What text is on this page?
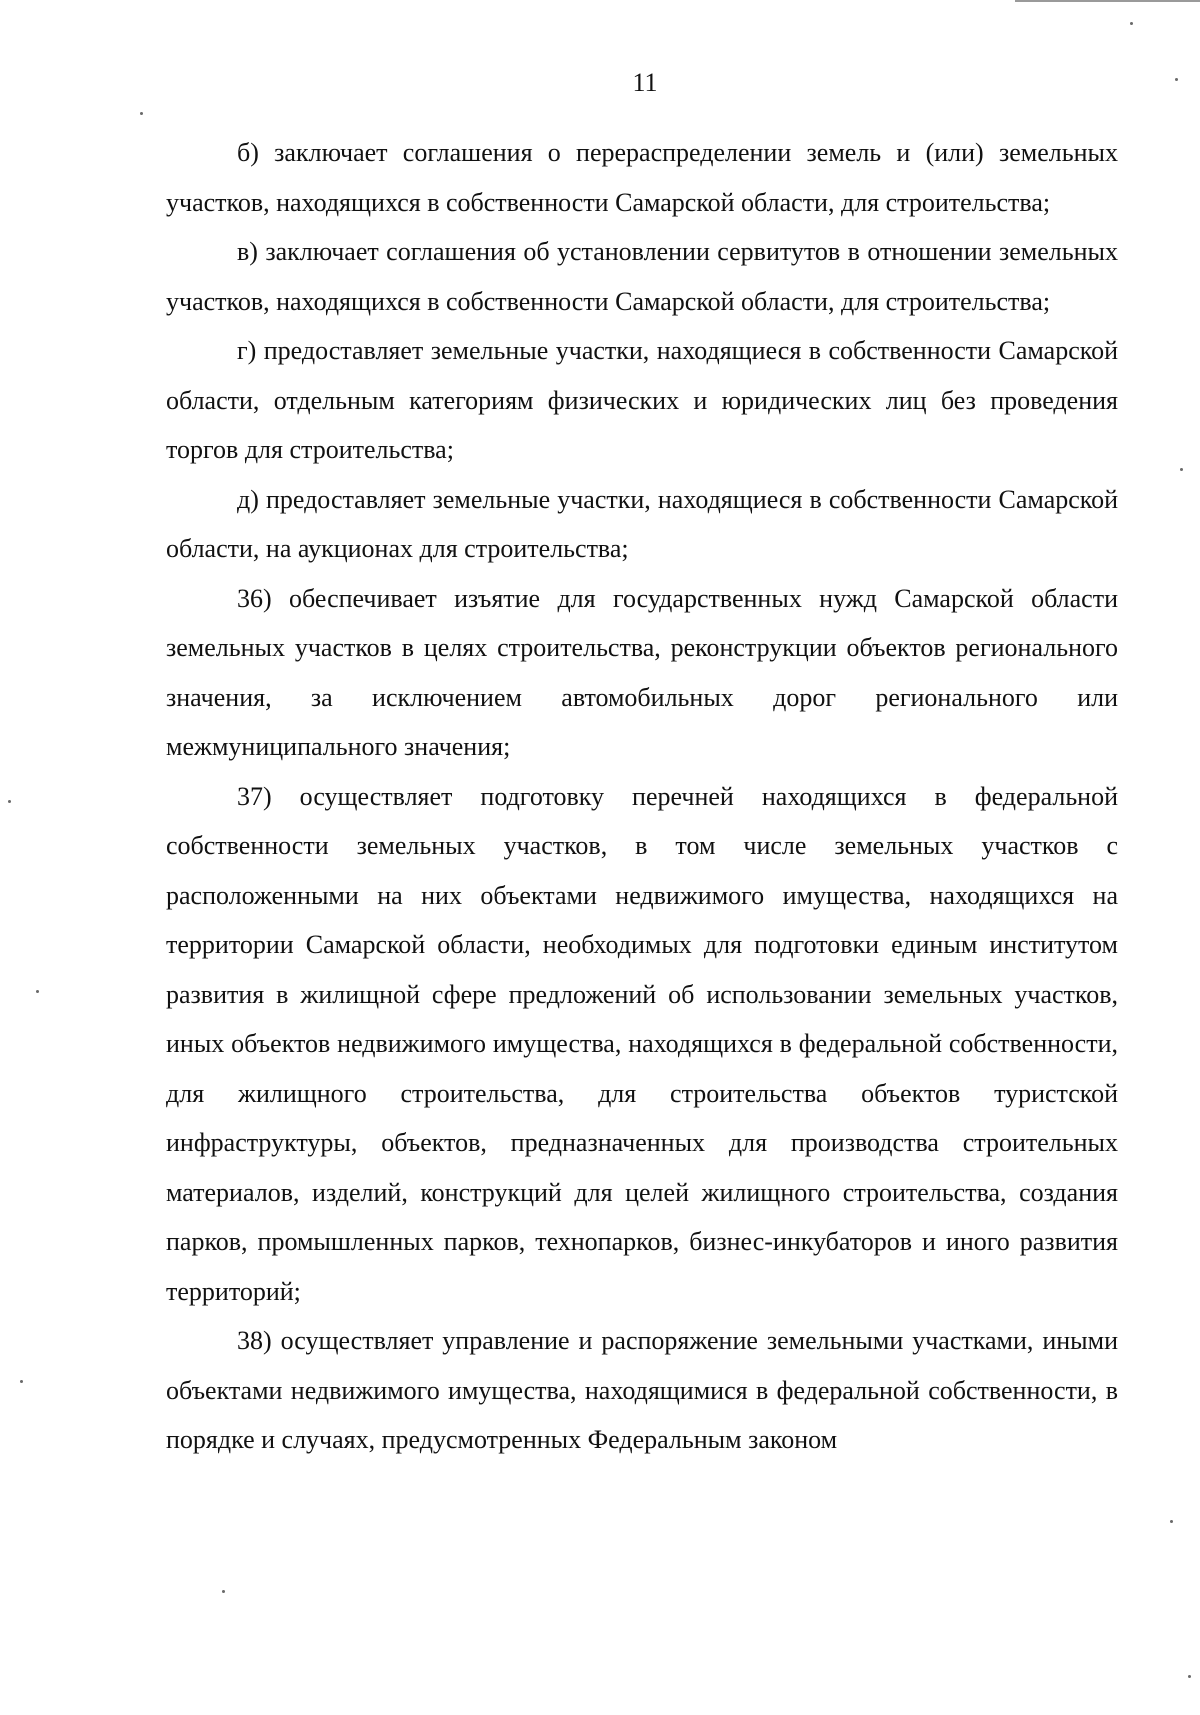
11

б) заключает соглашения о перераспределении земель и (или) земельных участков, находящихся в собственности Самарской области, для строительства;

в) заключает соглашения об установлении сервитутов в отношении земельных участков, находящихся в собственности Самарской области, для строительства;

г) предоставляет земельные участки, находящиеся в собственности Самарской области, отдельным категориям физических и юридических лиц без проведения торгов для строительства;

д) предоставляет земельные участки, находящиеся в собственности Самарской области, на аукционах для строительства;

36) обеспечивает изъятие для государственных нужд Самарской области земельных участков в целях строительства, реконструкции объектов регионального значения, за исключением автомобильных дорог регионального или межмуниципального значения;

37) осуществляет подготовку перечней находящихся в федеральной собственности земельных участков, в том числе земельных участков с расположенными на них объектами недвижимого имущества, находящихся на территории Самарской области, необходимых для подготовки единым институтом развития в жилищной сфере предложений об использовании земельных участков, иных объектов недвижимого имущества, находящихся в федеральной собственности, для жилищного строительства, для строительства объектов туристской инфраструктуры, объектов, предназначенных для производства строительных материалов, изделий, конструкций для целей жилищного строительства, создания парков, промышленных парков, технопарков, бизнес-инкубаторов и иного развития территорий;

38) осуществляет управление и распоряжение земельными участками, иными объектами недвижимого имущества, находящимися в федеральной собственности, в порядке и случаях, предусмотренных Федеральным законом
